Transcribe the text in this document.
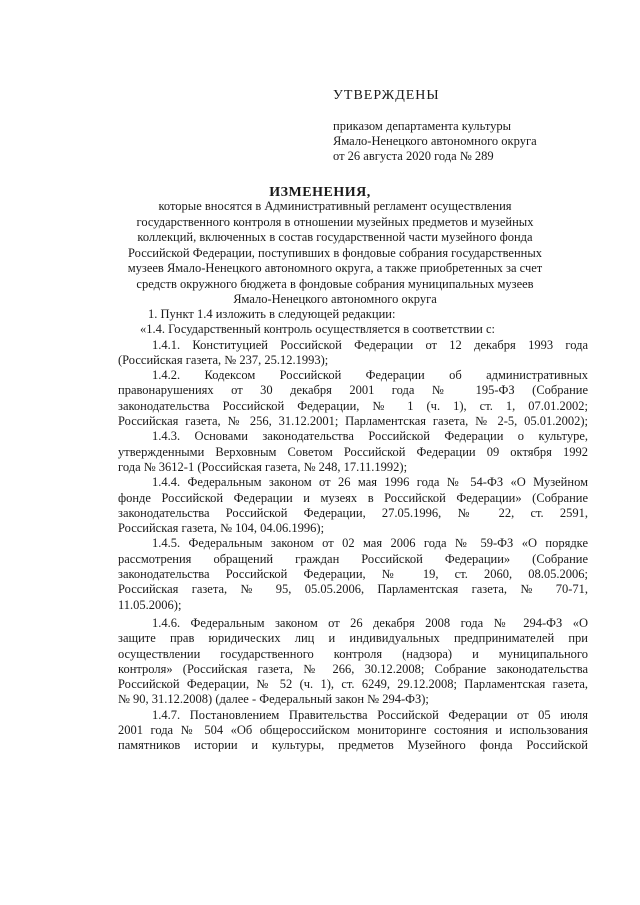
УТВЕРЖДЕНЫ
приказом департамента культуры
Ямало-Ненецкого автономного округа
от 26 августа 2020 года № 289
ИЗМЕНЕНИЯ,
которые вносятся в Административный регламент осуществления
государственного контроля в отношении музейных предметов и музейных
коллекций, включенных в состав государственной части музейного фонда
Российской Федерации, поступивших в фондовые собрания государственных
музеев Ямало-Ненецкого автономного округа, а также приобретенных за счет
средств окружного бюджета в фондовые собрания муниципальных музеев
Ямало-Ненецкого автономного округа
1. Пункт 1.4 изложить в следующей редакции:
«1.4. Государственный контроль осуществляется в соответствии с:
1.4.1. Конституцией Российской Федерации от 12 декабря 1993 года
(Российская газета, № 237, 25.12.1993);
1.4.2. Кодексом Российской Федерации об административных
правонарушениях от 30 декабря 2001 года № 195-ФЗ (Собрание
законодательства Российской Федерации, № 1 (ч. 1), ст. 1, 07.01.2002;
Российская газета, № 256, 31.12.2001; Парламентская газета, № 2-5, 05.01.2002);
1.4.3. Основами законодательства Российской Федерации о культуре,
утвержденными Верховным Советом Российской Федерации 09 октября 1992
года № 3612-1 (Российская газета, № 248, 17.11.1992);
1.4.4. Федеральным законом от 26 мая 1996 года № 54-ФЗ «О Музейном
фонде Российской Федерации и музеях в Российской Федерации» (Собрание
законодательства Российской Федерации, 27.05.1996, № 22, ст. 2591,
Российская газета, № 104, 04.06.1996);
1.4.5. Федеральным законом от 02 мая 2006 года № 59-ФЗ «О порядке
рассмотрения обращений граждан Российской Федерации» (Собрание
законодательства Российской Федерации, № 19, ст. 2060, 08.05.2006;
Российская газета, № 95, 05.05.2006, Парламентская газета, № 70-71,
11.05.2006);
1.4.6. Федеральным законом от 26 декабря 2008 года № 294-ФЗ «О
защите прав юридических лиц и индивидуальных предпринимателей при
осуществлении государственного контроля (надзора) и муниципального
контроля» (Российская газета, № 266, 30.12.2008; Собрание законодательства
Российской Федерации, № 52 (ч. 1), ст. 6249, 29.12.2008; Парламентская газета,
№ 90, 31.12.2008) (далее - Федеральный закон № 294-ФЗ);
1.4.7. Постановлением Правительства Российской Федерации от 05 июля
2001 года № 504 «Об общероссийском мониторинге состояния и использования
памятников истории и культуры, предметов Музейного фонда Российской
